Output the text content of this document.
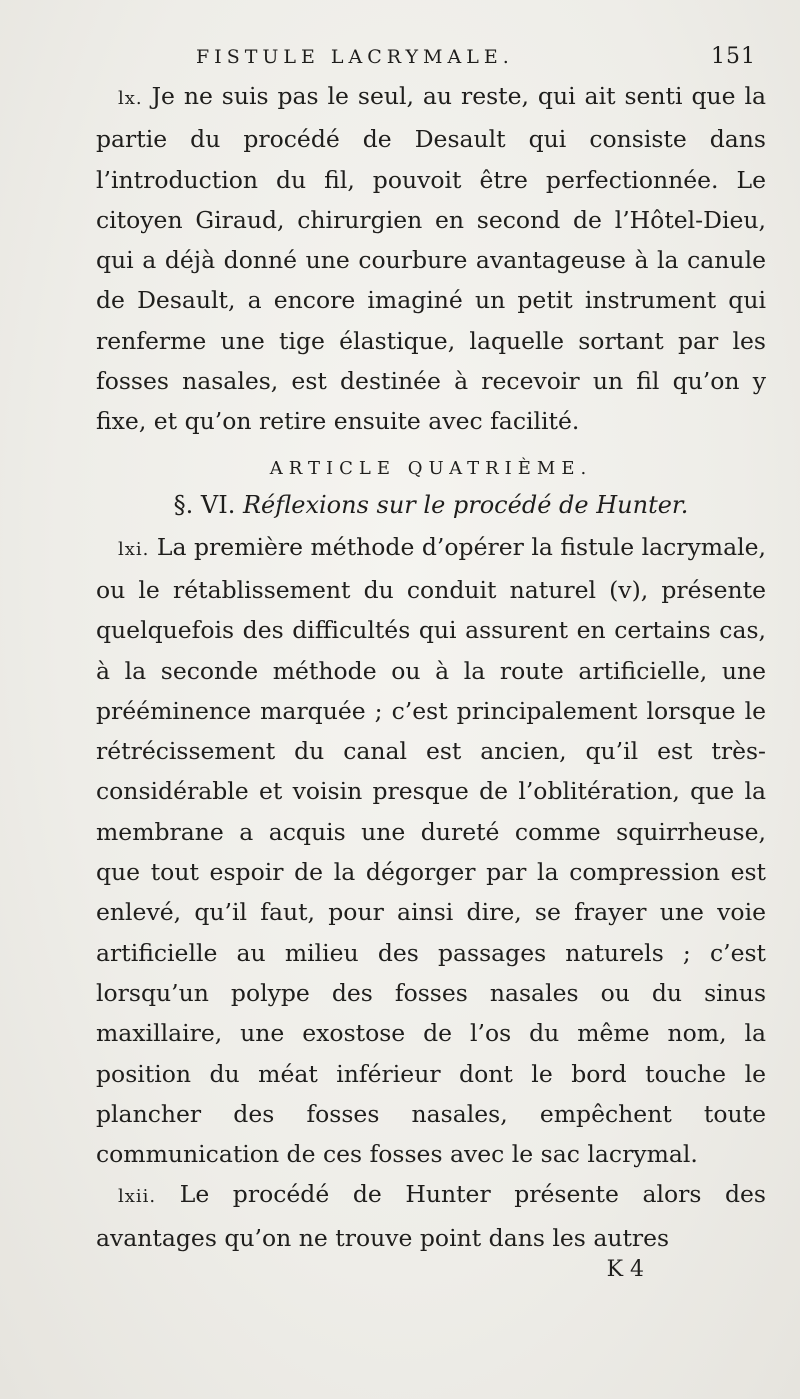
FISTULE LACRYMALE.	151

lx. Je ne suis pas le seul, au reste, qui ait senti que la partie du procédé de Desault qui consiste dans l’introduction du fil, pouvoit être perfectionnée. Le citoyen Giraud, chirurgien en second de l’Hôtel-Dieu, qui a déjà donné une courbure avantageuse à la canule de Desault, a encore imaginé un petit instrument qui renferme une tige élastique, laquelle sortant par les fosses nasales, est destinée à recevoir un fil qu’on y fixe, et qu’on retire ensuite avec facilité.

ARTICLE QUATRIÈME.
§. VI. Réflexions sur le procédé de Hunter.

lxi. La première méthode d’opérer la fistule lacrymale, ou le rétablissement du conduit naturel (v), présente quelquefois des difficultés qui assurent en certains cas, à la seconde méthode ou à la route artificielle, une prééminence marquée ; c’est principalement lorsque le rétrécissement du canal est ancien, qu’il est très-considérable et voisin presque de l’oblitération, que la membrane a acquis une dureté comme squirrheuse, que tout espoir de la dégorger par la compression est enlevé, qu’il faut, pour ainsi dire, se frayer une voie artificielle au milieu des passages naturels ; c’est lorsqu’un polype des fosses nasales ou du sinus maxillaire, une exostose de l’os du même nom, la position du méat inférieur dont le bord touche le plancher des fosses nasales, empêchent toute communication de ces fosses avec le sac lacrymal.

lxii. Le procédé de Hunter présente alors des avantages qu’on ne trouve point dans les autres

K 4
